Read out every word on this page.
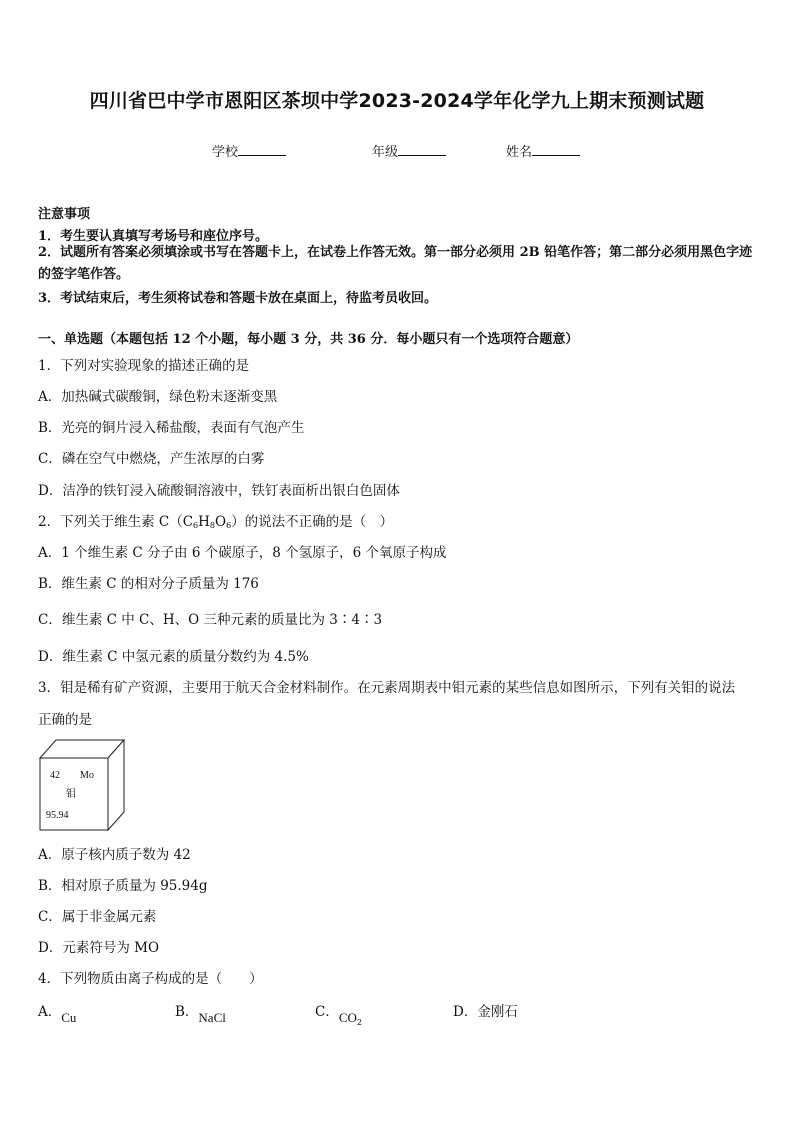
四川省巴中学市恩阳区茶坝中学2023-2024学年化学九上期末预测试题
学校	年级	姓名
注意事项
1．考生要认真填写考场号和座位序号。
2．试题所有答案必须填涂或书写在答题卡上，在试卷上作答无效。第一部分必须用 2B 铅笔作答；第二部分必须用黑色字迹的签字笔作答。
3．考试结束后，考生须将试卷和答题卡放在桌面上，待监考员收回。
一、单选题（本题包括 12 个小题，每小题 3 分，共 36 分．每小题只有一个选项符合题意）
1．下列对实验现象的描述正确的是
A．加热碱式碳酸铜，绿色粉末逐渐变黑
B．光亮的铜片浸入稀盐酸，表面有气泡产生
C．磷在空气中燃烧，产生浓厚的白雾
D．洁净的铁钉浸入硫酸铜溶液中，铁钉表面析出银白色固体
2．下列关于维生素 $C(C_6H_8O_6)$的说法不正确的是（　）
A．1 个维生素 C 分子由 6 个碳原子，8 个氢原子，6 个氧原子构成
B．维生素 C 的相对分子质量为 176
C．维生素 C 中 C、H、O 三种元素的质量比为 3∶4∶3
D．维生素 C 中氢元素的质量分数约为 4.5%
3．钼是稀有矿产资源，主要用于航天合金材料制作。在元素周期表中钼元素的某些信息如图所示，下列有关钼的说法
正确的是
42 Mo
钼
95.94
A．原子核内质子数为 42
B．相对原子质量为 95.94g
C．属于非金属元素
D．元素符号为 MO
4．下列物质由离子构成的是（　　）
A．Cu	B．NaCl	C．$CO_2$
D．金刚石
